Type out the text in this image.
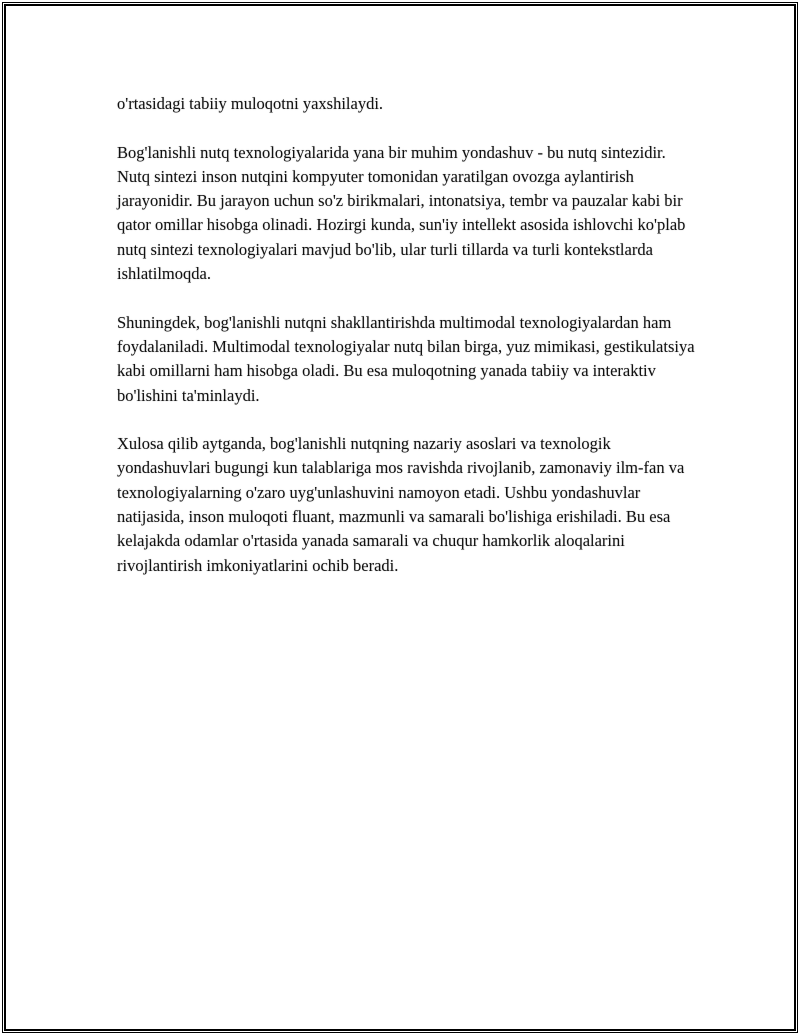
o'rtasidagi tabiiy muloqotni yaxshilaydi.

Bog'lanishli nutq texnologiyalarida yana bir muhim yondashuv - bu nutq sintezidir. Nutq sintezi inson nutqini kompyuter tomonidan yaratilgan ovozga aylantirish jarayonidir. Bu jarayon uchun so'z birikmalari, intonatsiya, tembr va pauzalar kabi bir qator omillar hisobga olinadi. Hozirgi kunda, sun'iy intellekt asosida ishlovchi ko'plab nutq sintezi texnologiyalari mavjud bo'lib, ular turli tillarda va turli kontekstlarda ishlatilmoqda.

Shuningdek, bog'lanishli nutqni shakllantirishda multimodal texnologiyalardan ham foydalaniladi. Multimodal texnologiyalar nutq bilan birga, yuz mimikasi, gestikulatsiya kabi omillarni ham hisobga oladi. Bu esa muloqotning yanada tabiiy va interaktiv bo'lishini ta'minlaydi.

Xulosa qilib aytganda, bog'lanishli nutqning nazariy asoslari va texnologik yondashuvlari bugungi kun talablariga mos ravishda rivojlanib, zamonaviy ilm-fan va texnologiyalarning o'zaro uyg'unlashuvini namoyon etadi. Ushbu yondashuvlar natijasida, inson muloqoti fluant, mazmunli va samarali bo'lishiga erishiladi. Bu esa kelajakda odamlar o'rtasida yanada samarali va chuqur hamkorlik aloqalarini rivojlantirish imkoniyatlarini ochib beradi.
